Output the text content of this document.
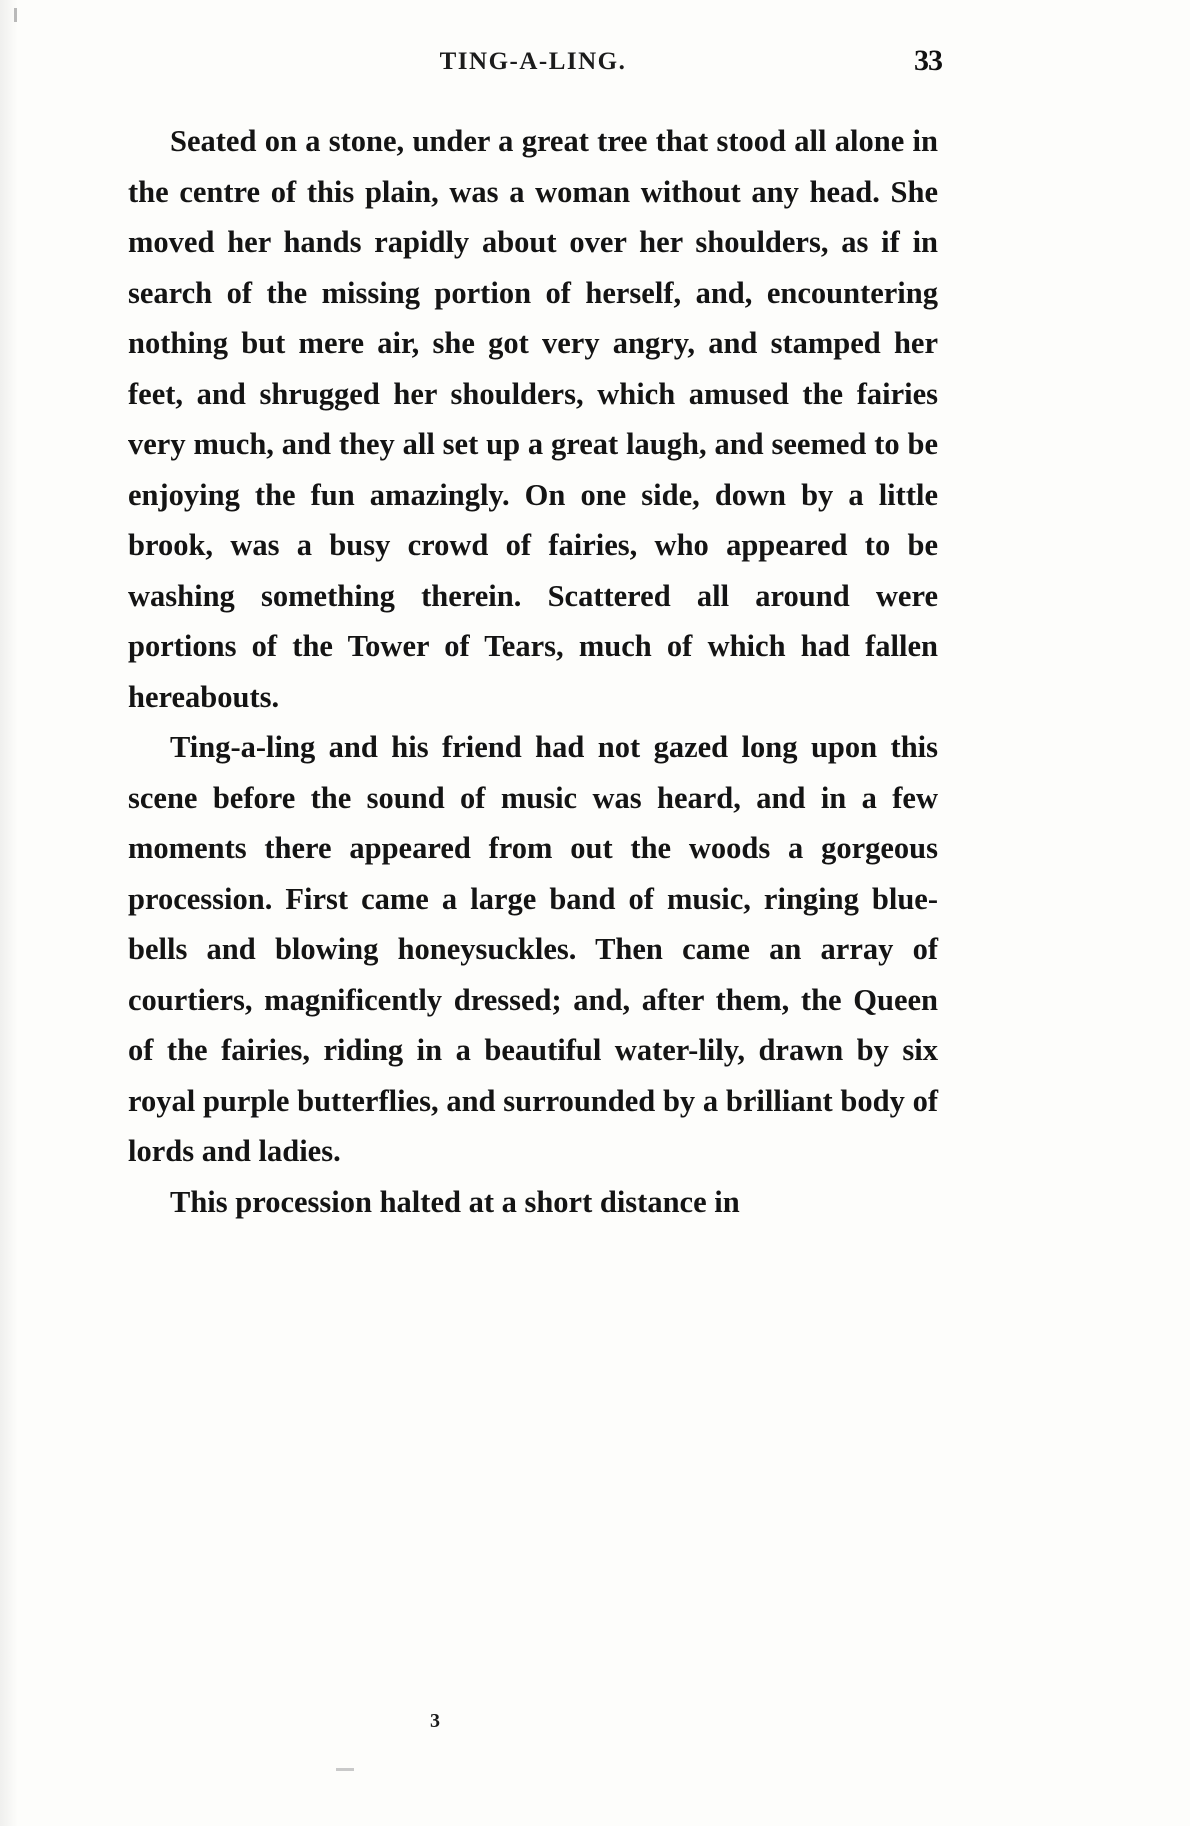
TING-A-LING.	33

Seated on a stone, under a great tree that stood all alone in the centre of this plain, was a woman without any head. She moved her hands rapidly about over her shoulders, as if in search of the missing portion of herself, and, encountering nothing but mere air, she got very angry, and stamped her feet, and shrugged her shoulders, which amused the fairies very much, and they all set up a great laugh, and seemed to be enjoying the fun amazingly. On one side, down by a little brook, was a busy crowd of fairies, who appeared to be washing something therein. Scattered all around were portions of the Tower of Tears, much of which had fallen hereabouts.

Ting-a-ling and his friend had not gazed long upon this scene before the sound of music was heard, and in a few moments there appeared from out the woods a gorgeous procession. First came a large band of music, ringing blue-bells and blowing honeysuckles. Then came an array of courtiers, magnificently dressed; and, after them, the Queen of the fairies, riding in a beautiful water-lily, drawn by six royal purple butterflies, and surrounded by a brilliant body of lords and ladies.

This procession halted at a short distance in

3
